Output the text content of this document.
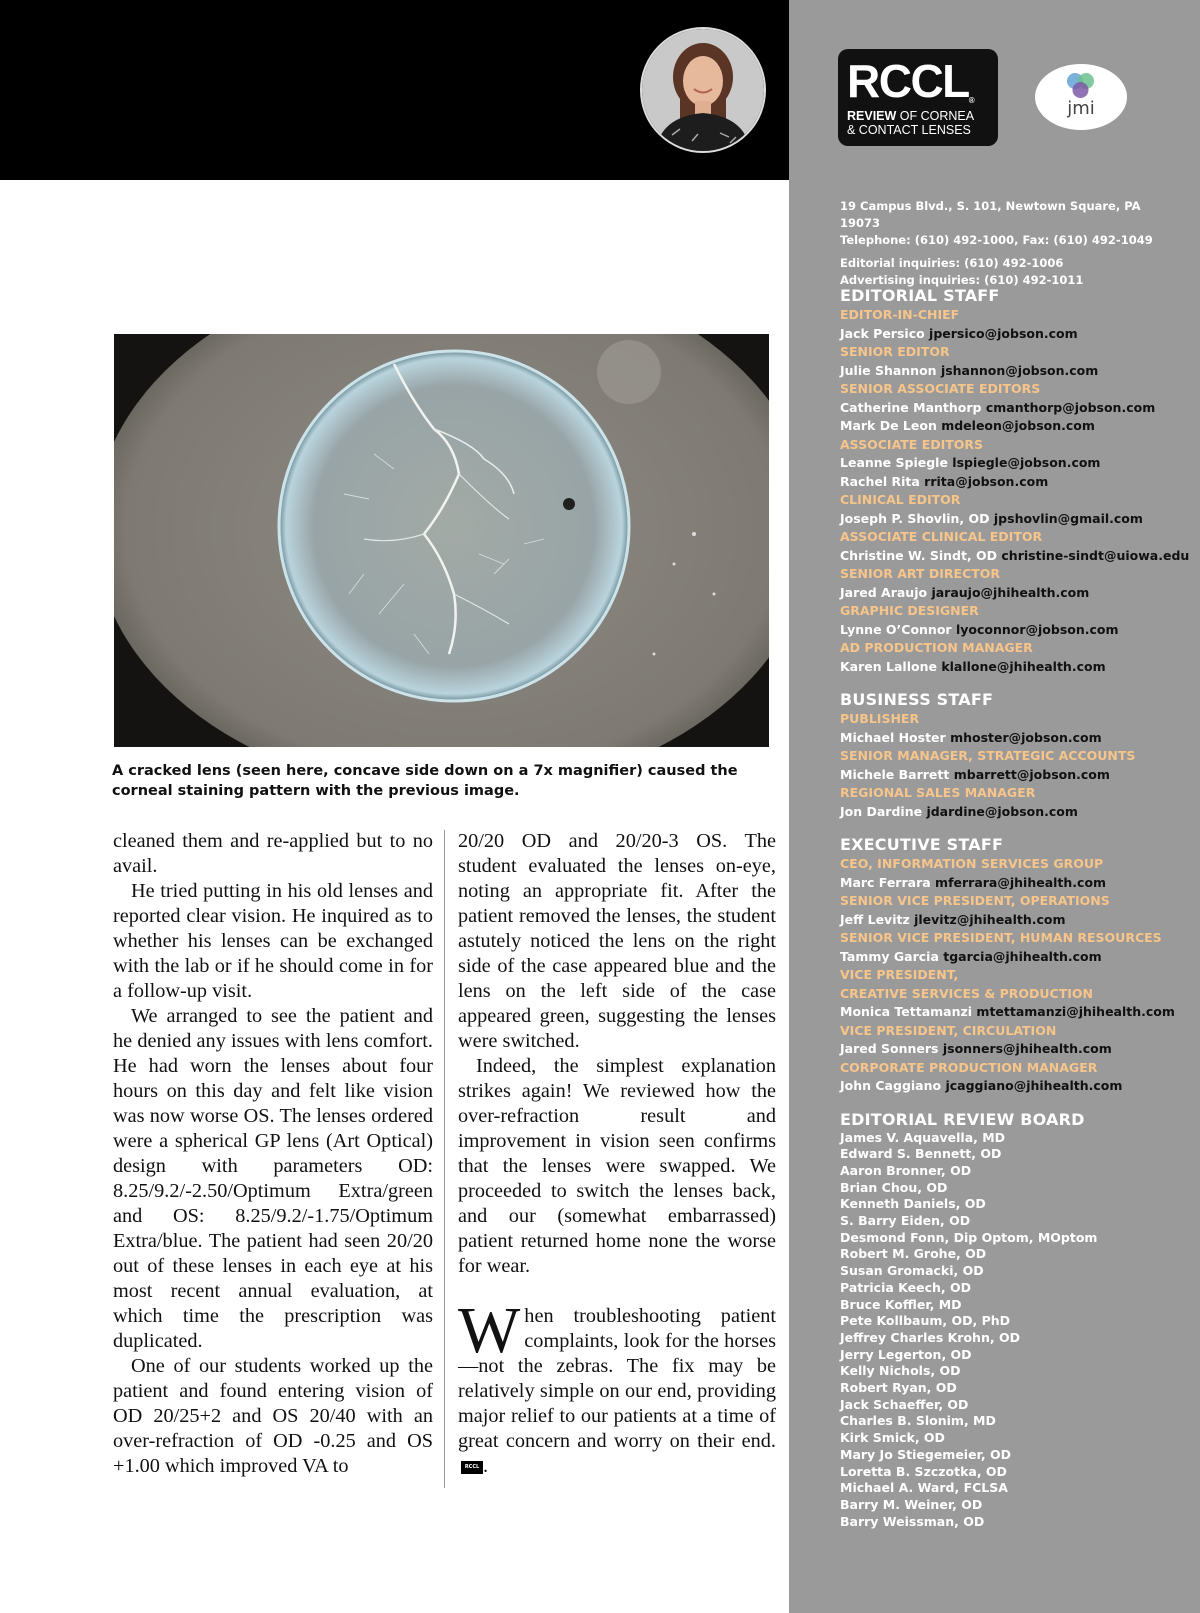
RCCL®
REVIEW OF CORNEA
& CONTACT LENSES
jmi
19 Campus Blvd., S. 101, Newtown Square, PA 19073
Telephone: (610) 492-1000, Fax: (610) 492-1049
Editorial inquiries: (610) 492-1006
Advertising inquiries: (610) 492-1011
EDITORIAL STAFF
EDITOR-IN-CHIEF
Jack Persico jpersico@jobson.com
SENIOR EDITOR
Julie Shannon jshannon@jobson.com
SENIOR ASSOCIATE EDITORS
Catherine Manthorp cmanthorp@jobson.com
Mark De Leon mdeleon@jobson.com
ASSOCIATE EDITORS
Leanne Spiegle lspiegle@jobson.com
Rachel Rita rrita@jobson.com
CLINICAL EDITOR
Joseph P. Shovlin, OD jpshovlin@gmail.com
ASSOCIATE CLINICAL EDITOR
Christine W. Sindt, OD christine-sindt@uiowa.edu
SENIOR ART DIRECTOR
Jared Araujo jaraujo@jhihealth.com
GRAPHIC DESIGNER
Lynne O’Connor lyoconnor@jobson.com
AD PRODUCTION MANAGER
Karen Lallone klallone@jhihealth.com
BUSINESS STAFF
PUBLISHER
Michael Hoster mhoster@jobson.com
SENIOR MANAGER, STRATEGIC ACCOUNTS
Michele Barrett mbarrett@jobson.com
REGIONAL SALES MANAGER
Jon Dardine jdardine@jobson.com
EXECUTIVE STAFF
CEO, INFORMATION SERVICES GROUP
Marc Ferrara mferrara@jhihealth.com
SENIOR VICE PRESIDENT, OPERATIONS
Jeff Levitz jlevitz@jhihealth.com
SENIOR VICE PRESIDENT, HUMAN RESOURCES
Tammy Garcia tgarcia@jhihealth.com
VICE PRESIDENT,
CREATIVE SERVICES & PRODUCTION
Monica Tettamanzi mtettamanzi@jhihealth.com
VICE PRESIDENT, CIRCULATION
Jared Sonners jsonners@jhihealth.com
CORPORATE PRODUCTION MANAGER
John Caggiano jcaggiano@jhihealth.com
EDITORIAL REVIEW BOARD
James V. Aquavella, MD
Edward S. Bennett, OD
Aaron Bronner, OD
Brian Chou, OD
Kenneth Daniels, OD
S. Barry Eiden, OD
Desmond Fonn, Dip Optom, MOptom
Robert M. Grohe, OD
Susan Gromacki, OD
Patricia Keech, OD
Bruce Koffler, MD
Pete Kollbaum, OD, PhD
Jeffrey Charles Krohn, OD
Jerry Legerton, OD
Kelly Nichols, OD
Robert Ryan, OD
Jack Schaeffer, OD
Charles B. Slonim, MD
Kirk Smick, OD
Mary Jo Stiegemeier, OD
Loretta B. Szczotka, OD
Michael A. Ward, FCLSA
Barry M. Weiner, OD
Barry Weissman, OD
A cracked lens (seen here, concave side down on a 7x magnifier) caused the corneal staining pattern with the previous image.

cleaned them and re-applied but to no avail.

He tried putting in his old lenses and reported clear vision. He inquired as to whether his lenses can be exchanged with the lab or if he should come in for a follow-up visit.

We arranged to see the patient and he denied any issues with lens comfort. He had worn the lenses about four hours on this day and felt like vision was now worse OS. The lenses ordered were a spherical GP lens (Art Optical) design with parameters OD: 8.25/9.2/-2.50/Optimum Extra/green and OS: 8.25/9.2/-1.75/Optimum Extra/blue. The patient had seen 20/20 out of these lenses in each eye at his most recent annual evaluation, at which time the prescription was duplicated.

One of our students worked up the patient and found entering vision of OD 20/25+2 and OS 20/40 with an over-refraction of OD -0.25 and OS +1.00 which improved VA to

20/20 OD and 20/20-3 OS. The student evaluated the lenses on-eye, noting an appropriate fit. After the patient removed the lenses, the student astutely noticed the lens on the right side of the case appeared blue and the lens on the left side of the case appeared green, suggesting the lenses were switched.

Indeed, the simplest explanation strikes again! We reviewed how the over-refraction result and improvement in vision seen confirms that the lenses were swapped. We proceeded to switch the lenses back, and our (somewhat embarrassed) patient returned home none the worse for wear.

When troubleshooting patient complaints, look for the horses—not the zebras. The fix may be relatively simple on our end, providing major relief to our patients at a time of great concern and worry on their end.RCCL .
